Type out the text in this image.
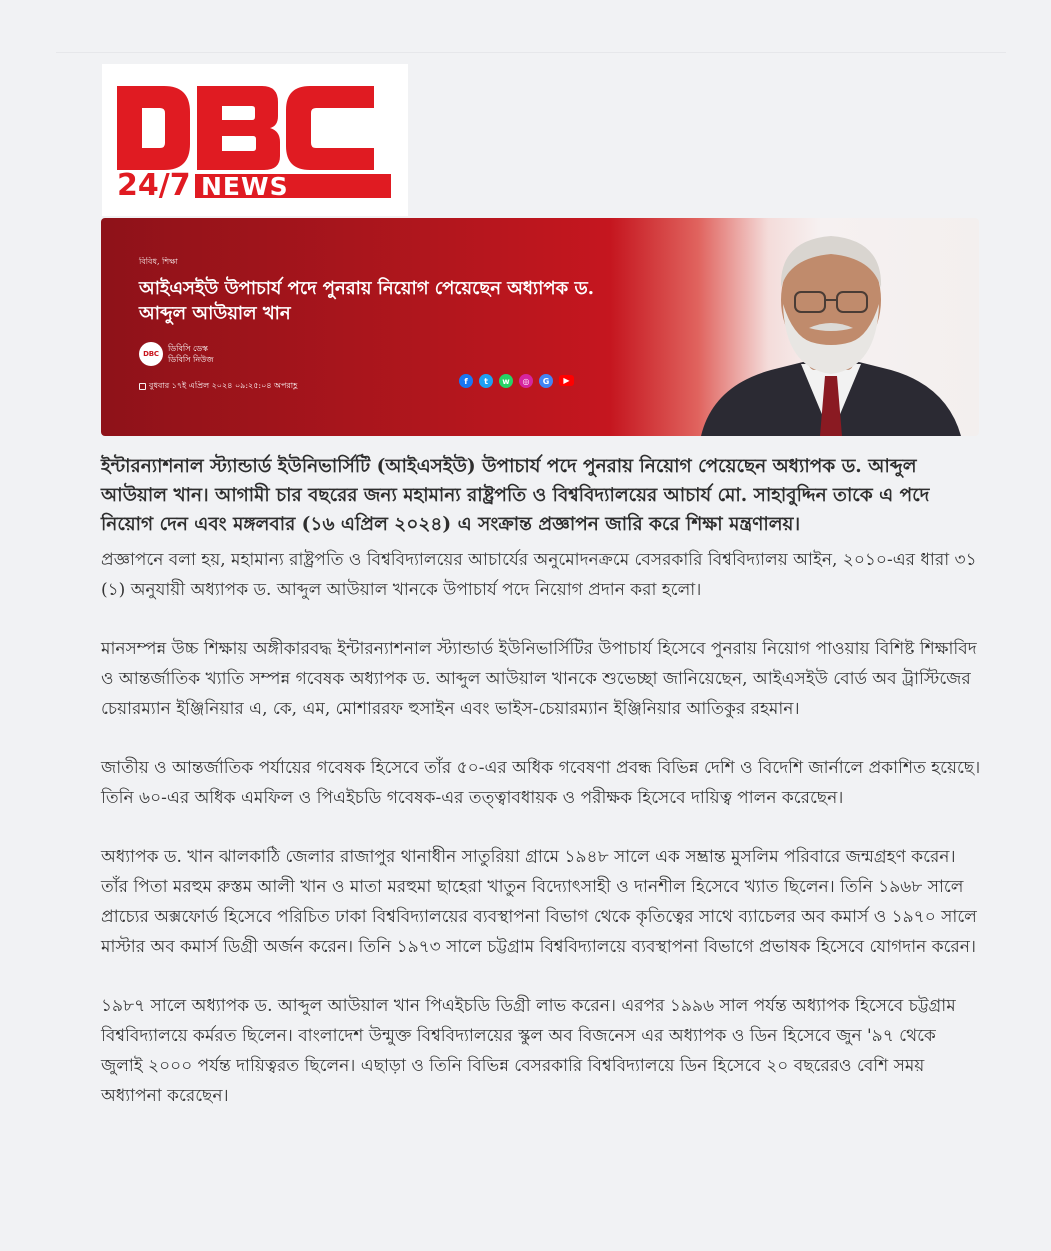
24/7 NEWS
বিবিধ, শিক্ষা
আইএসইউ উপাচার্য পদে পুনরায় নিয়োগ পেয়েছেন অধ্যাপক ড. আব্দুল আউয়াল খান
DBC
ডিবিসি ডেস্ক
ডিবিসি নিউজ
বুধবার ১৭ই এপ্রিল ২০২৪ ০৯:২৫:০৪ অপরাহ্ণ	f	t	w	◎	G	▶

ইন্টারন্যাশনাল স্ট্যান্ডার্ড ইউনিভার্সিটি (আইএসইউ) উপাচার্য পদে পুনরায় নিয়োগ পেয়েছেন অধ্যাপক ড. আব্দুল আউয়াল খান। আগামী চার বছরের জন্য মহামান্য রাষ্ট্রপতি ও বিশ্ববিদ্যালয়ের আচার্য মো. সাহাবুদ্দিন তাকে এ পদে নিয়োগ দেন এবং মঙ্গলবার (১৬ এপ্রিল ২০২৪) এ সংক্রান্ত প্রজ্ঞাপন জারি করে শিক্ষা মন্ত্রণালয়।

প্রজ্ঞাপনে বলা হয়, মহামান্য রাষ্ট্রপতি ও বিশ্ববিদ্যালয়ের আচার্যের অনুমোদনক্রমে বেসরকারি বিশ্ববিদ্যালয় আইন, ২০১০-এর ধারা ৩১ (১) অনুযায়ী অধ্যাপক ড. আব্দুল আউয়াল খানকে উপাচার্য পদে নিয়োগ প্রদান করা হলো।

মানসম্পন্ন উচ্চ শিক্ষায় অঙ্গীকারবদ্ধ ইন্টারন্যাশনাল স্ট্যান্ডার্ড ইউনিভার্সিটির উপাচার্য হিসেবে পুনরায় নিয়োগ পাওয়ায় বিশিষ্ট শিক্ষাবিদ ও আন্তর্জাতিক খ্যাতি সম্পন্ন গবেষক অধ্যাপক ড. আব্দুল আউয়াল খানকে শুভেচ্ছা জানিয়েছেন, আইএসইউ বোর্ড অব ট্রাস্টিজের চেয়ারম্যান ইঞ্জিনিয়ার এ, কে, এম, মোশাররফ হুসাইন এবং ভাইস-চেয়ারম্যান ইঞ্জিনিয়ার আতিকুর রহমান।

জাতীয় ও আন্তর্জাতিক পর্যায়ের গবেষক হিসেবে তাঁর ৫০-এর অধিক গবেষণা প্রবন্ধ বিভিন্ন দেশি ও বিদেশি জার্নালে প্রকাশিত হয়েছে। তিনি ৬০-এর অধিক এমফিল ও পিএইচডি গবেষক-এর তত্ত্বাবধায়ক ও পরীক্ষক হিসেবে দায়িত্ব পালন করেছেন।

অধ্যাপক ড. খান ঝালকাঠি জেলার রাজাপুর থানাধীন সাতুরিয়া গ্রামে ১৯৪৮ সালে এক সম্ভ্রান্ত মুসলিম পরিবারে জন্মগ্রহণ করেন। তাঁর পিতা মরহুম রুস্তম আলী খান ও মাতা মরহুমা ছাহেরা খাতুন বিদ্যোৎসাহী ও দানশীল হিসেবে খ্যাত ছিলেন। তিনি ১৯৬৮ সালে প্রাচ্যের অক্সফোর্ড হিসেবে পরিচিত ঢাকা বিশ্ববিদ্যালয়ের ব্যবস্থাপনা বিভাগ থেকে কৃতিত্বের সাথে ব্যাচেলর অব কমার্স ও ১৯৭০ সালে মাস্টার অব কমার্স ডিগ্রী অর্জন করেন। তিনি ১৯৭৩ সালে চট্টগ্রাম বিশ্ববিদ্যালয়ে ব্যবস্থাপনা বিভাগে প্রভাষক হিসেবে যোগদান করেন।

১৯৮৭ সালে অধ্যাপক ড. আব্দুল আউয়াল খান পিএইচডি ডিগ্রী লাভ করেন। এরপর ১৯৯৬ সাল পর্যন্ত অধ্যাপক হিসেবে চট্টগ্রাম বিশ্ববিদ্যালয়ে কর্মরত ছিলেন। বাংলাদেশ উন্মুক্ত বিশ্ববিদ্যালয়ের স্কুল অব বিজনেস এর অধ্যাপক ও ডিন হিসেবে জুন '৯৭ থেকে জুলাই ২০০০ পর্যন্ত দায়িত্বরত ছিলেন। এছাড়া ও তিনি বিভিন্ন বেসরকারি বিশ্ববিদ্যালয়ে ডিন হিসেবে ২০ বছরেরও বেশি সময় অধ্যাপনা করেছেন।
